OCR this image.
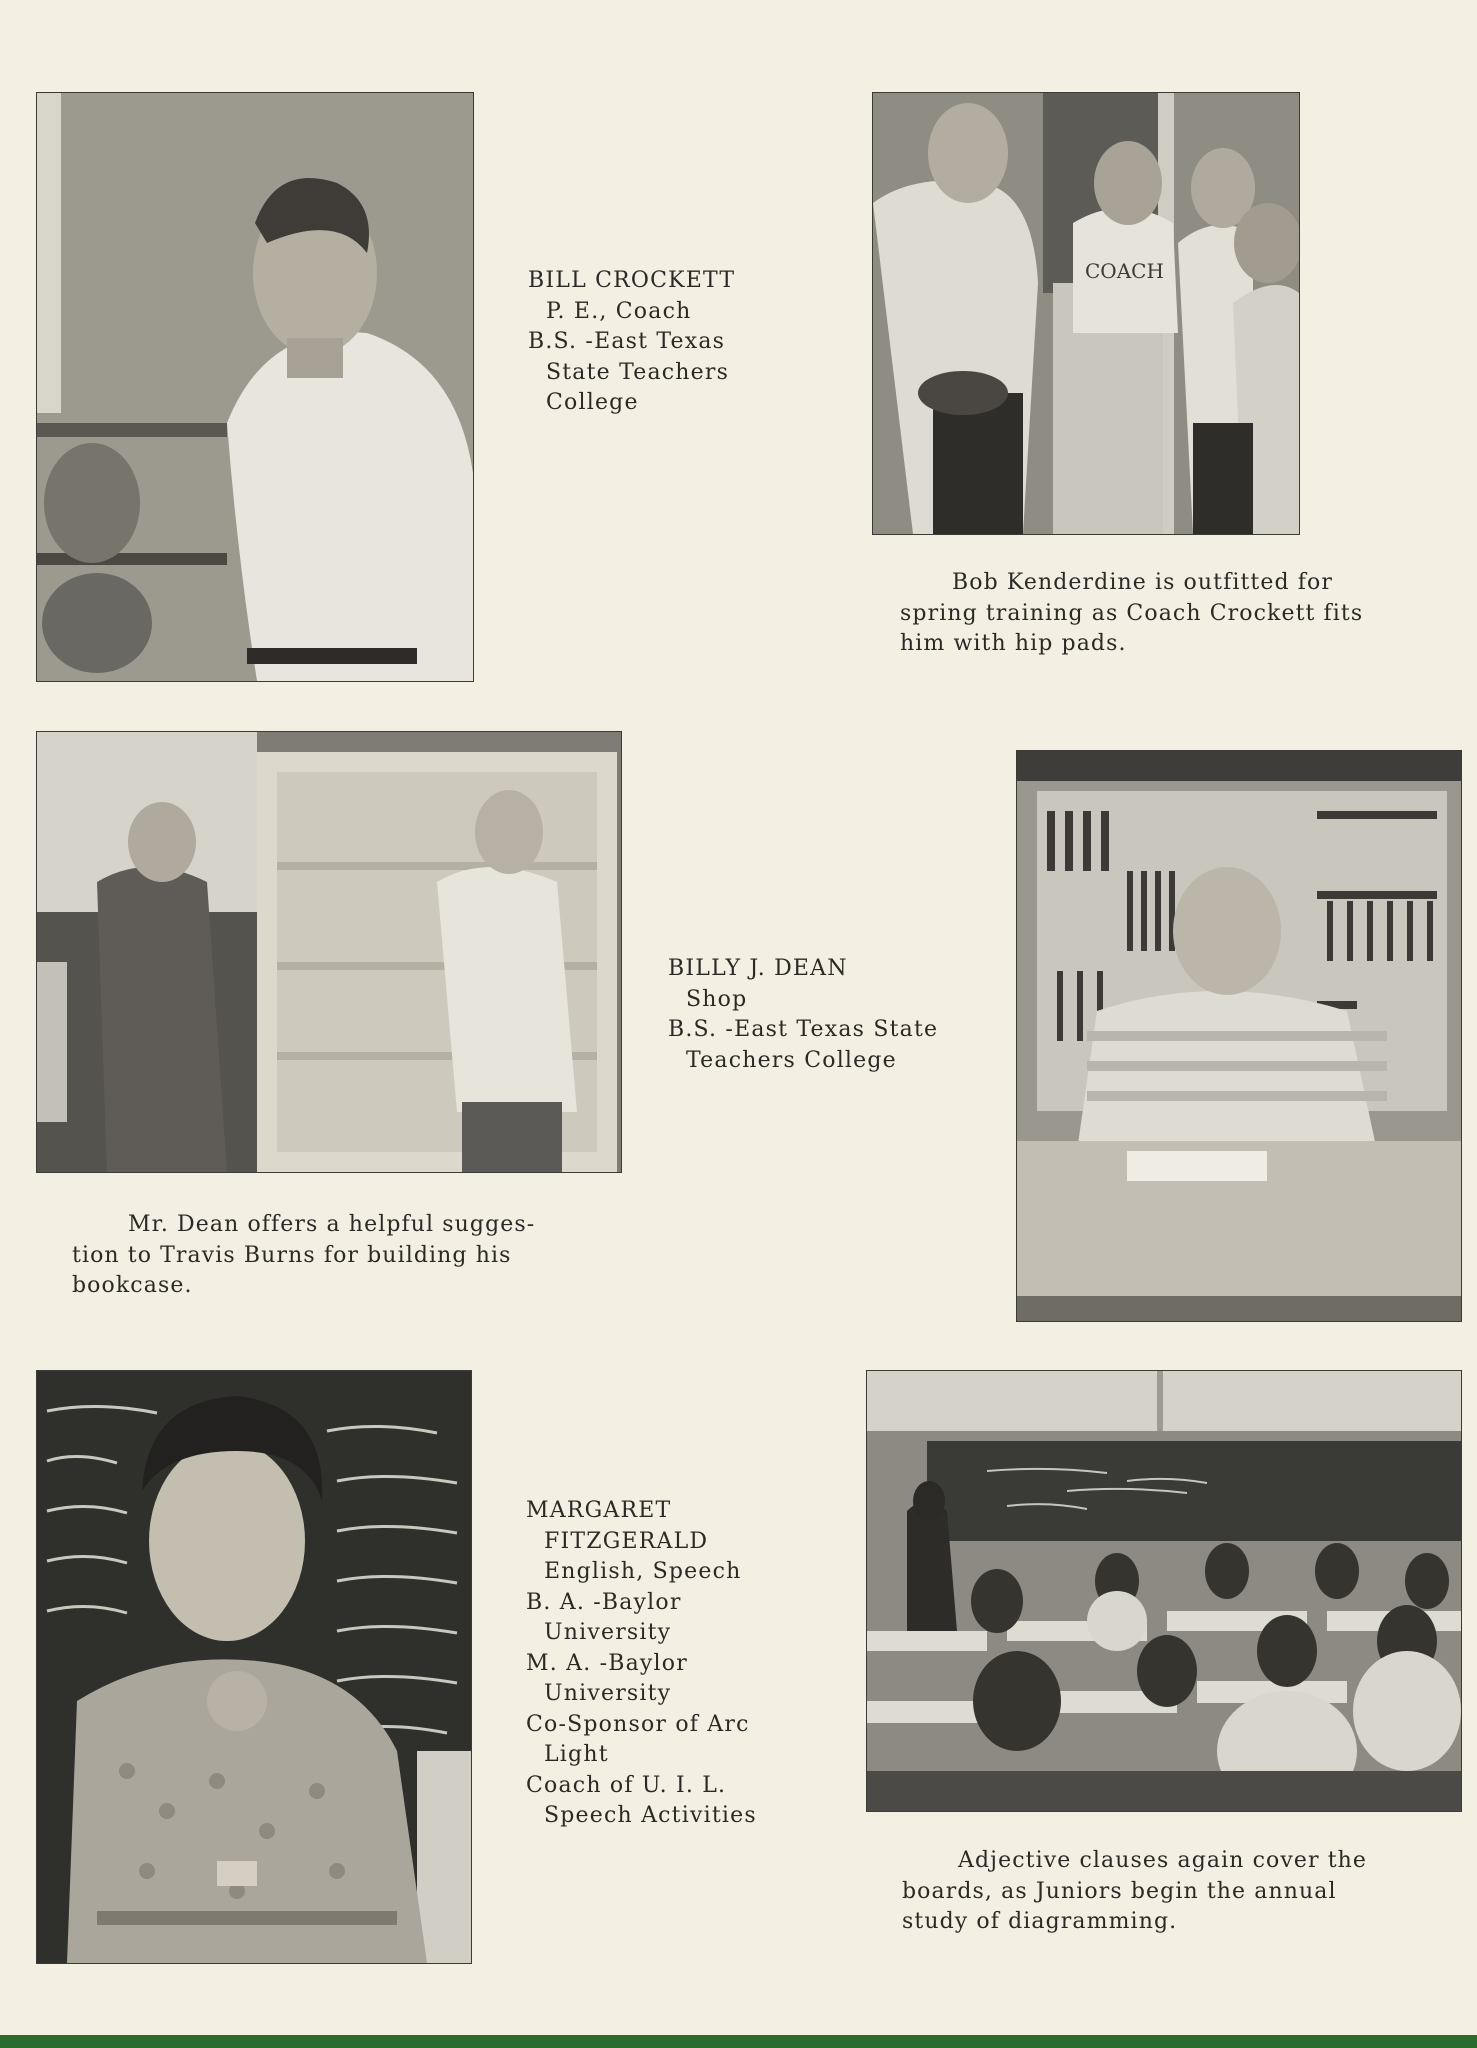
BILL CROCKETT
P. E., Coach
B.S. -East Texas
State Teachers
College
COACH
Bob Kenderdine is outfitted for
spring training as Coach Crockett fits
him with hip pads.
BILLY J. DEAN
Shop
B.S. -East Texas State
Teachers College
Mr. Dean offers a helpful sugges-
tion to Travis Burns for building his
bookcase.
MARGARET
FITZGERALD
English, Speech
B. A. -Baylor
University
M. A. -Baylor
University
Co-Sponsor of Arc
Light
Coach of U. I. L.
Speech Activities
Adjective clauses again cover the
boards, as Juniors begin the annual
study of diagramming.
